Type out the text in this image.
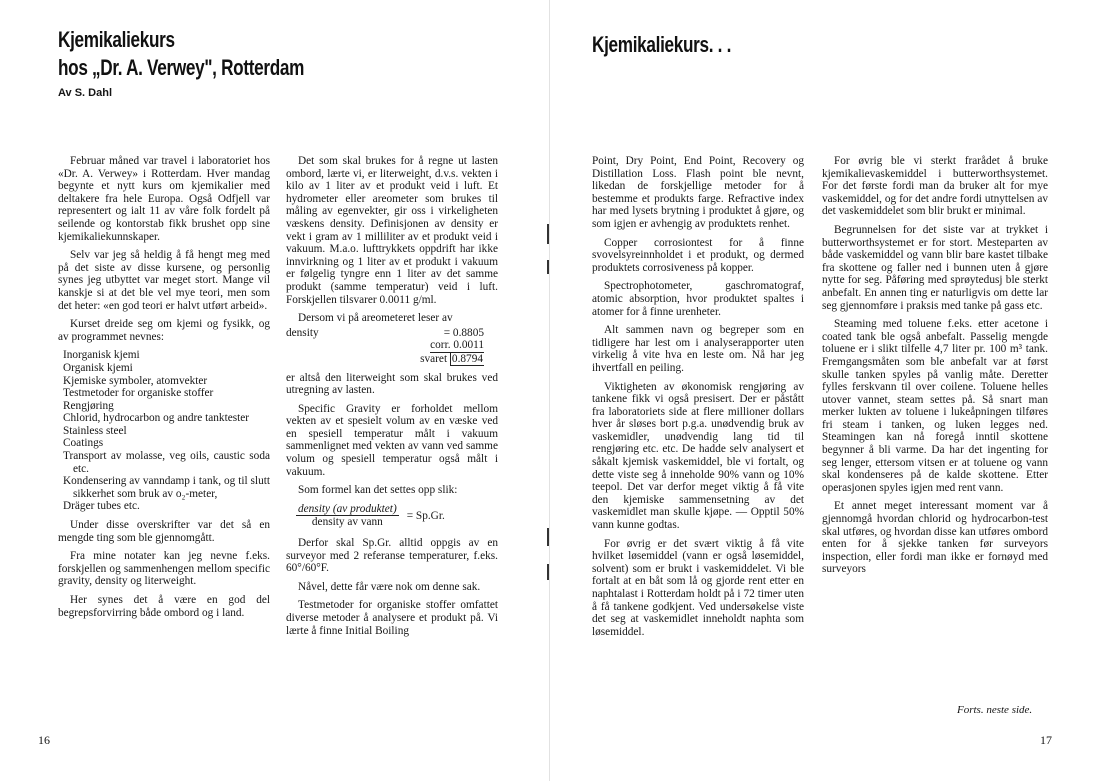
Kjemikaliekurs
hos „Dr. A. Verwey", Rotterdam

Av S. Dahl

Februar måned var travel i laboratoriet hos «Dr. A. Verwey» i Rotterdam. Hver mandag begynte et nytt kurs om kjemikalier med deltakere fra hele Europa. Også Odfjell var representert og ialt 11 av våre folk fordelt på seilende og kontorstab fikk brushet opp sine kjemikaliekunnskaper.

Selv var jeg så heldig å få hengt meg med på det siste av disse kursene, og personlig synes jeg utbyttet var meget stort. Mange vil kanskje si at det ble vel mye teori, men som det heter: «en god teori er halvt utført arbeid».

Kurset dreide seg om kjemi og fysikk, og av programmet nevnes:

Inorganisk kjemi
Organisk kjemi
Kjemiske symboler, atomvekter
Testmetoder for organiske stoffer
Rengjøring
Chlorid, hydrocarbon og andre tanktester
Stainless steel
Coatings
Transport av molasse, veg oils, caustic soda etc.
Kondensering av vanndamp i tank, og til slutt sikkerhet som bruk av o₂-meter,
Dräger tubes etc.

Under disse overskrifter var det så en mengde ting som ble gjennomgått.

Fra mine notater kan jeg nevne f.eks. forskjellen og sammenhengen mellom specific gravity, density og literweight.

Her synes det å være en god del begrepsforvirring både ombord og i land.

Det som skal brukes for å regne ut lasten ombord, lærte vi, er literweight, d.v.s. vekten i kilo av 1 liter av et produkt veid i luft. Et hydrometer eller areometer som brukes til måling av egenvekter, gir oss i virkeligheten væskens density. Definisjonen av density er vekt i gram av 1 milliliter av et produkt veid i vakuum. M.a.o. lufttrykkets oppdrift har ikke innvirkning og 1 liter av et produkt i vakuum er følgelig tyngre enn 1 liter av det samme produkt (samme temperatur) veid i luft. Forskjellen tilsvarer 0.0011 g/ml.

Dersom vi på areometeret leser av

density	= 0.8805
corr. 0.0011
svaret 0.8794

er altså den literweight som skal brukes ved utregning av lasten.

Specific Gravity er forholdet mellom vekten av et spesielt volum av en væske ved en spesiell temperatur målt i vakuum sammenlignet med vekten av vann ved samme volum og spesiell temperatur også målt i vakuum.

Som formel kan det settes opp slik:

$\frac{\text{density (av produktet)}}{\text{density av vann}} = Sp.Gr$.

Derfor skal Sp.Gr. alltid oppgis av en surveyor med 2 referanse temperaturer, f.eks. 60°/60°F.

Nåvel, dette får være nok om denne sak.

Testmetoder for organiske stoffer omfattet diverse metoder å analysere et produkt på. Vi lærte å finne Initial Boiling

16

Kjemikaliekurs. . .

Point, Dry Point, End Point, Recovery og Distillation Loss. Flash point ble nevnt, likedan de forskjellige metoder for å bestemme et produkts farge. Refractive index har med lysets brytning i produktet å gjøre, og som igjen er avhengig av produktets renhet.

Copper corrosiontest for å finne svovelsyreinnholdet i et produkt, og dermed produktets corrosiveness på kopper.

Spectrophotometer, gaschromatograf, atomic absorption, hvor produktet spaltes i atomer for å finne urenheter.

Alt sammen navn og begreper som en tidligere har lest om i analyserapporter uten virkelig å vite hva en leste om. Nå har jeg ihvertfall en peiling.

Viktigheten av økonomisk rengjøring av tankene fikk vi også presisert. Der er påstått fra laboratoriets side at flere millioner dollars hver år sløses bort p.g.a. unødvendig bruk av vaskemidler, unødvendig lang tid til rengjøring etc. etc. De hadde selv analysert et såkalt kjemisk vaskemiddel, ble vi fortalt, og dette viste seg å inneholde 90% vann og 10% teepol. Det var derfor meget viktig å få vite den kjemiske sammensetning av det vaskemidlet man skulle kjøpe. — Opptil 50% vann kunne godtas.

For øvrig er det svært viktig å få vite hvilket løsemiddel (vann er også løsemiddel, solvent) som er brukt i vaskemiddelet. Vi ble fortalt at en båt som lå og gjorde rent etter en naphtalast i Rotterdam holdt på i 72 timer uten å få tankene godkjent. Ved undersøkelse viste det seg at vaskemidlet inneholdt naphta som løsemiddel.

For øvrig ble vi sterkt frarådet å bruke kjemikalievaskemiddel i butterworthsystemet. For det første fordi man da bruker alt for mye vaskemiddel, og for det andre fordi utnyttelsen av det vaskemiddelet som blir brukt er minimal.

Begrunnelsen for det siste var at trykket i butterworthsystemet er for stort. Mesteparten av både vaskemiddel og vann blir bare kastet tilbake fra skottene og faller ned i bunnen uten å gjøre nytte for seg. Påføring med sprøytedusj ble sterkt anbefalt. En annen ting er naturligvis om dette lar seg gjennomføre i praksis med tanke på gass etc.

Steaming med toluene f.eks. etter acetone i coated tank ble også anbefalt. Passelig mengde toluene er i slikt tilfelle 4,7 liter pr. 100 m³ tank. Fremgangsmåten som ble anbefalt var at først skulle tanken spyles på vanlig måte. Deretter fylles ferskvann til over coilene. Toluene helles utover vannet, steam settes på. Så snart man merker lukten av toluene i lukeåpningen tilføres fri steam i tanken, og luken legges ned. Steamingen kan nå foregå inntil skottene begynner å bli varme. Da har det ingenting for seg lenger, ettersom vitsen er at toluene og vann skal kondenseres på de kalde skottene. Etter operasjonen spyles igjen med rent vann.

Et annet meget interessant moment var å gjennomgå hvordan chlorid og hydrocarbon-test skal utføres, og hvordan disse kan utføres ombord enten for å sjekke tanken før surveyors inspection, eller fordi man ikke er fornøyd med surveyors

Forts. neste side.

17
